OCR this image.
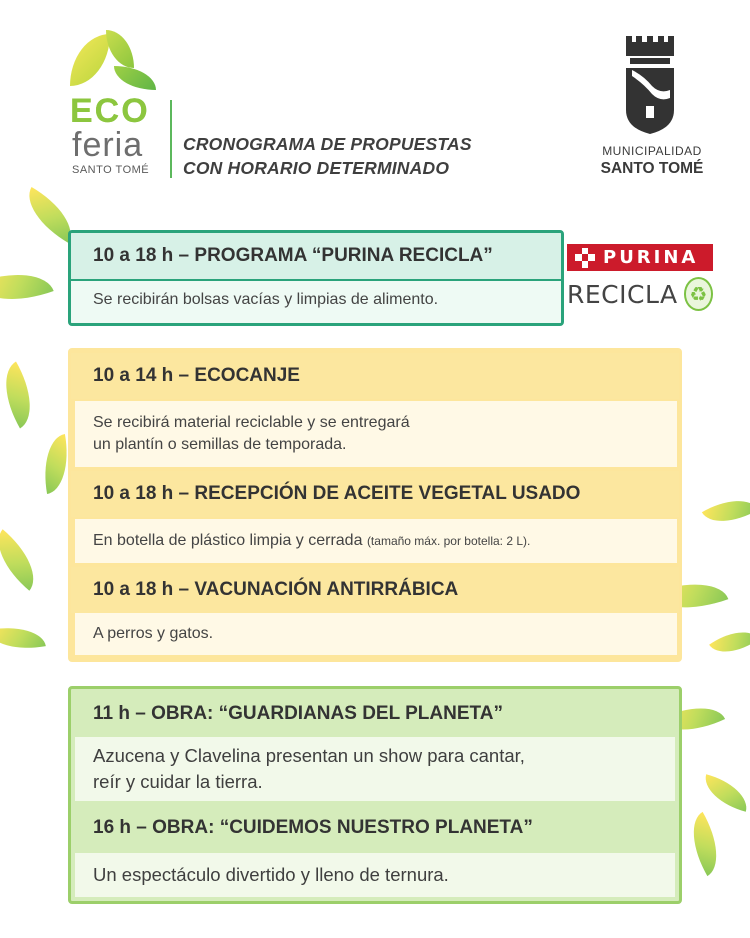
ECO
feria
SANTO TOMÉ
CRONOGRAMA DE PROPUESTAS
CON HORARIO DETERMINADO
MUNICIPALIDAD
SANTO TOMÉ
10 a 18 h – PROGRAMA “PURINA RECICLA”
Se recibirán bolsas vacías y limpias de alimento.
PURINA
RECICLA ♻
10 a 14 h – ECOCANJE
Se recibirá material reciclable y se entregará
un plantín o semillas de temporada.
10 a 18 h – RECEPCIÓN DE ACEITE VEGETAL USADO
En botella de plástico limpia y cerrada (tamaño máx. por botella: 2 L).
10 a 18 h – VACUNACIÓN ANTIRRÁBICA
A perros y gatos.
11 h – OBRA: “GUARDIANAS DEL PLANETA”
Azucena y Clavelina presentan un show para cantar,
reír y cuidar la tierra.
16 h – OBRA: “CUIDEMOS NUESTRO PLANETA”
Un espectáculo divertido y lleno de ternura.
